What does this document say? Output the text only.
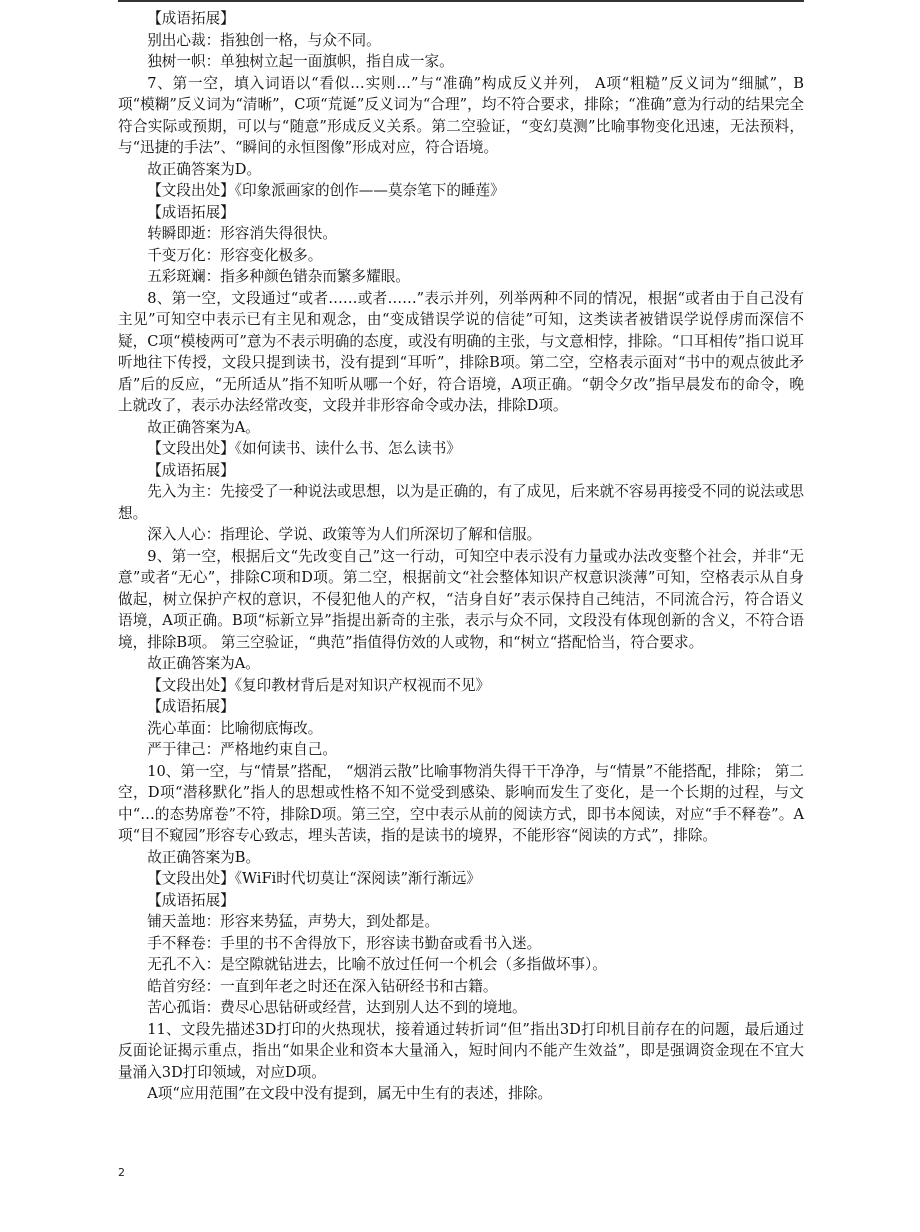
【成语拓展】

别出心裁：指独创一格，与众不同。

独树一帜：单独树立起一面旗帜，指自成一家。

7、第一空，填入词语以“看似…实则…”与“准确”构成反义并列， A项“粗糙”反义词为“细腻”，B项“模糊”反义词为“清晰”，C项“荒诞”反义词为“合理”，均不符合要求，排除；“准确”意为行动的结果完全符合实际或预期，可以与“随意”形成反义关系。第二空验证，“变幻莫测”比喻事物变化迅速，无法预料，与“迅捷的手法”、“瞬间的永恒图像”形成对应，符合语境。

故正确答案为D。

【文段出处】《印象派画家的创作——莫奈笔下的睡莲》

【成语拓展】

转瞬即逝：形容消失得很快。

千变万化：形容变化极多。

五彩斑斓：指多种颜色错杂而繁多耀眼。

8、第一空，文段通过“或者……或者……”表示并列，列举两种不同的情况，根据“或者由于自己没有主见”可知空中表示已有主见和观念，由“变成错误学说的信徒”可知，这类读者被错误学说俘虏而深信不疑，C项“模棱两可”意为不表示明确的态度，或没有明确的主张，与文意相悖，排除。“口耳相传”指口说耳听地往下传授，文段只提到读书，没有提到“耳听”，排除B项。第二空，空格表示面对“书中的观点彼此矛盾”后的反应，“无所适从”指不知听从哪一个好，符合语境，A项正确。“朝令夕改”指早晨发布的命令，晚上就改了，表示办法经常改变，文段并非形容命令或办法，排除D项。

故正确答案为A。

【文段出处】《如何读书、读什么书、怎么读书》

【成语拓展】

先入为主：先接受了一种说法或思想，以为是正确的，有了成见，后来就不容易再接受不同的说法或思想。

深入人心：指理论、学说、政策等为人们所深切了解和信服。

9、第一空，根据后文“先改变自己”这一行动，可知空中表示没有力量或办法改变整个社会，并非“无意”或者“无心”，排除C项和D项。第二空，根据前文“社会整体知识产权意识淡薄”可知，空格表示从自身做起，树立保护产权的意识，不侵犯他人的产权，“洁身自好”表示保持自己纯洁，不同流合污，符合语义语境，A项正确。B项“标新立异”指提出新奇的主张，表示与众不同，文段没有体现创新的含义，不符合语境，排除B项。 第三空验证，“典范”指值得仿效的人或物，和“树立“搭配恰当，符合要求。

故正确答案为A。

【文段出处】《复印教材背后是对知识产权视而不见》

【成语拓展】

洗心革面：比喻彻底悔改。

严于律己：严格地约束自己。

10、第一空，与“情景”搭配， “烟消云散”比喻事物消失得干干净净，与“情景”不能搭配，排除； 第二空，D项“潜移默化”指人的思想或性格不知不觉受到感染、影响而发生了变化，是一个长期的过程，与文中“…的态势席卷”不符，排除D项。第三空，空中表示从前的阅读方式，即书本阅读，对应“手不释卷”。A项“目不窥园”形容专心致志，埋头苦读，指的是读书的境界，不能形容“阅读的方式”，排除。

故正确答案为B。

【文段出处】《WiFi时代切莫让“深阅读”渐行渐远》

【成语拓展】

铺天盖地：形容来势猛，声势大，到处都是。

手不释卷：手里的书不舍得放下，形容读书勤奋或看书入迷。

无孔不入：是空隙就钻进去，比喻不放过任何一个机会（多指做坏事）。

皓首穷经：一直到年老之时还在深入钻研经书和古籍。

苦心孤诣：费尽心思钻研或经营，达到别人达不到的境地。

11、文段先描述3D打印的火热现状，接着通过转折词“但”指出3D打印机目前存在的问题，最后通过反面论证揭示重点，指出“如果企业和资本大量涌入，短时间内不能产生效益”，即是强调资金现在不宜大量涌入3D打印领域，对应D项。

A项“应用范围”在文段中没有提到，属无中生有的表述，排除。

2
